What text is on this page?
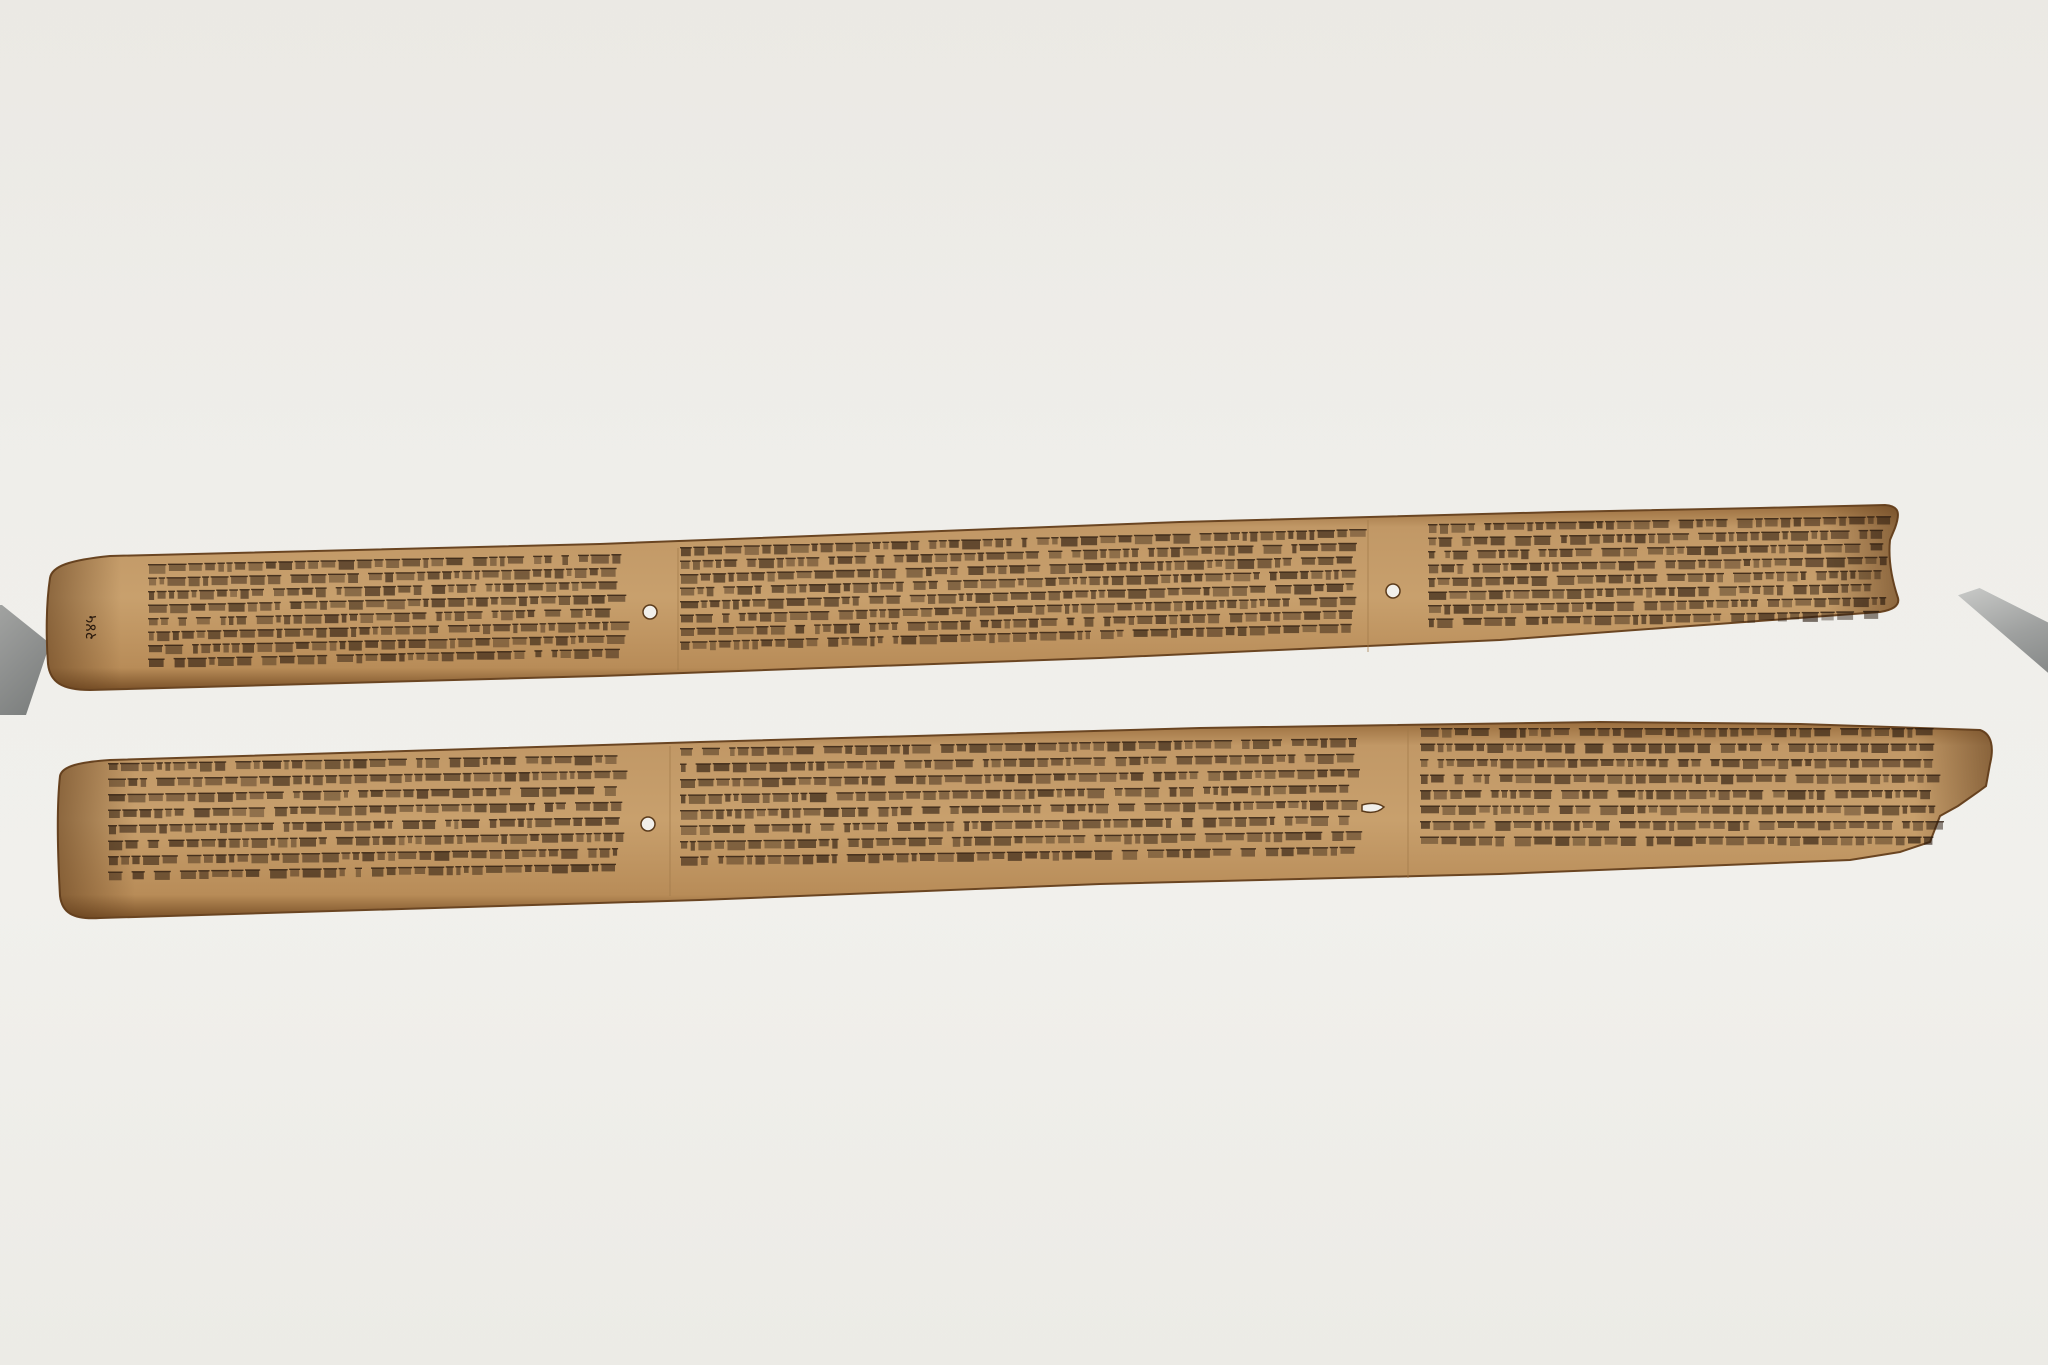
२४५
